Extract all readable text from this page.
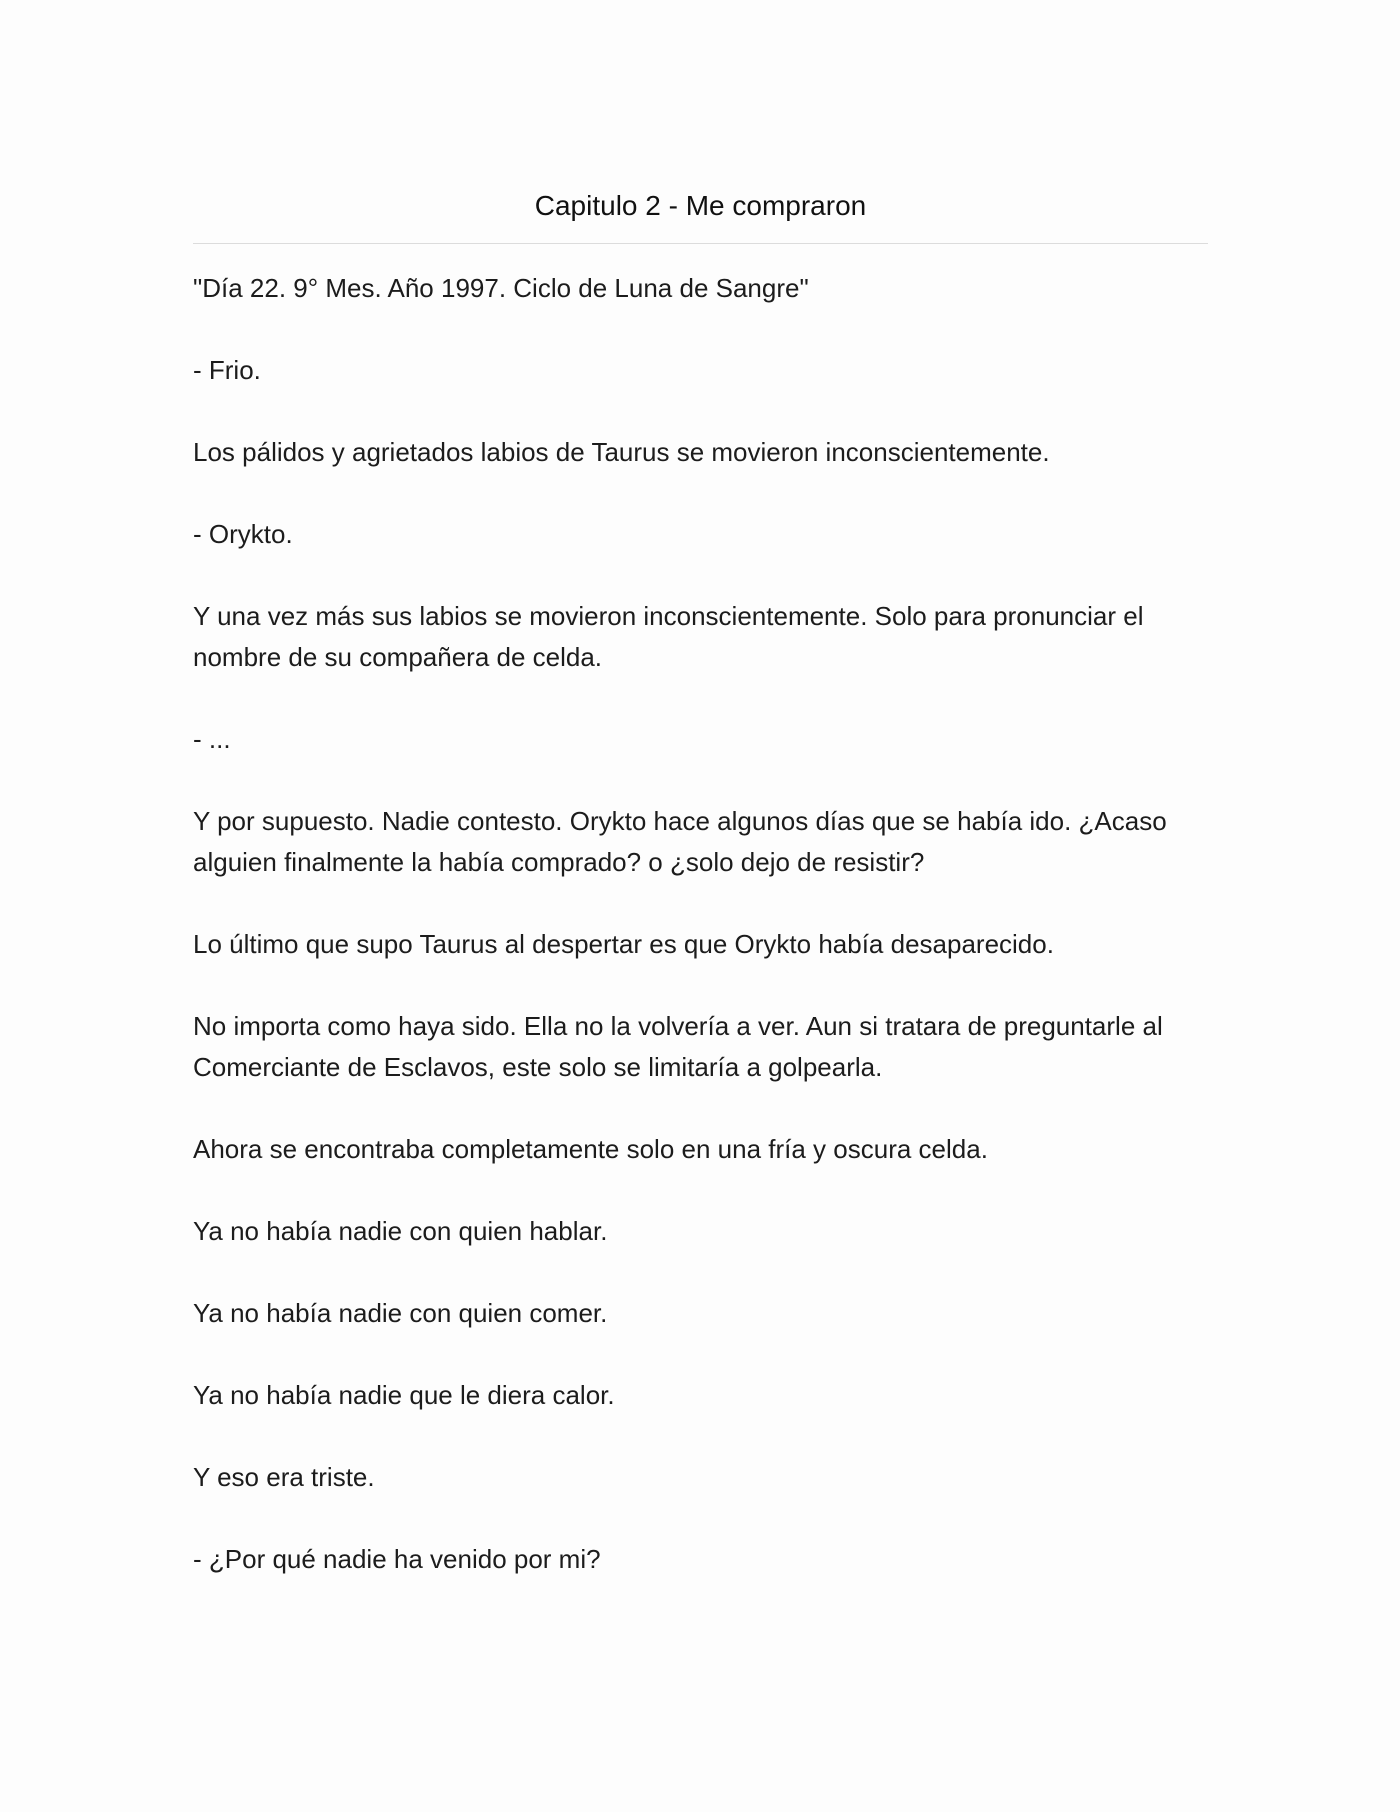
Capitulo 2 - Me compraron

"Día 22. 9° Mes. Año 1997. Ciclo de Luna de Sangre"

- Frio.

Los pálidos y agrietados labios de Taurus se movieron inconscientemente.

- Orykto.

Y una vez más sus labios se movieron inconscientemente. Solo para pronunciar el nombre de su compañera de celda.

- ...

Y por supuesto. Nadie contesto. Orykto hace algunos días que se había ido. ¿Acaso alguien finalmente la había comprado? o ¿solo dejo de resistir?

Lo último que supo Taurus al despertar es que Orykto había desaparecido.

No importa como haya sido. Ella no la volvería a ver. Aun si tratara de preguntarle al Comerciante de Esclavos, este solo se limitaría a golpearla.

Ahora se encontraba completamente solo en una fría y oscura celda.

Ya no había nadie con quien hablar.

Ya no había nadie con quien comer.

Ya no había nadie que le diera calor.

Y eso era triste.

- ¿Por qué nadie ha venido por mi?
